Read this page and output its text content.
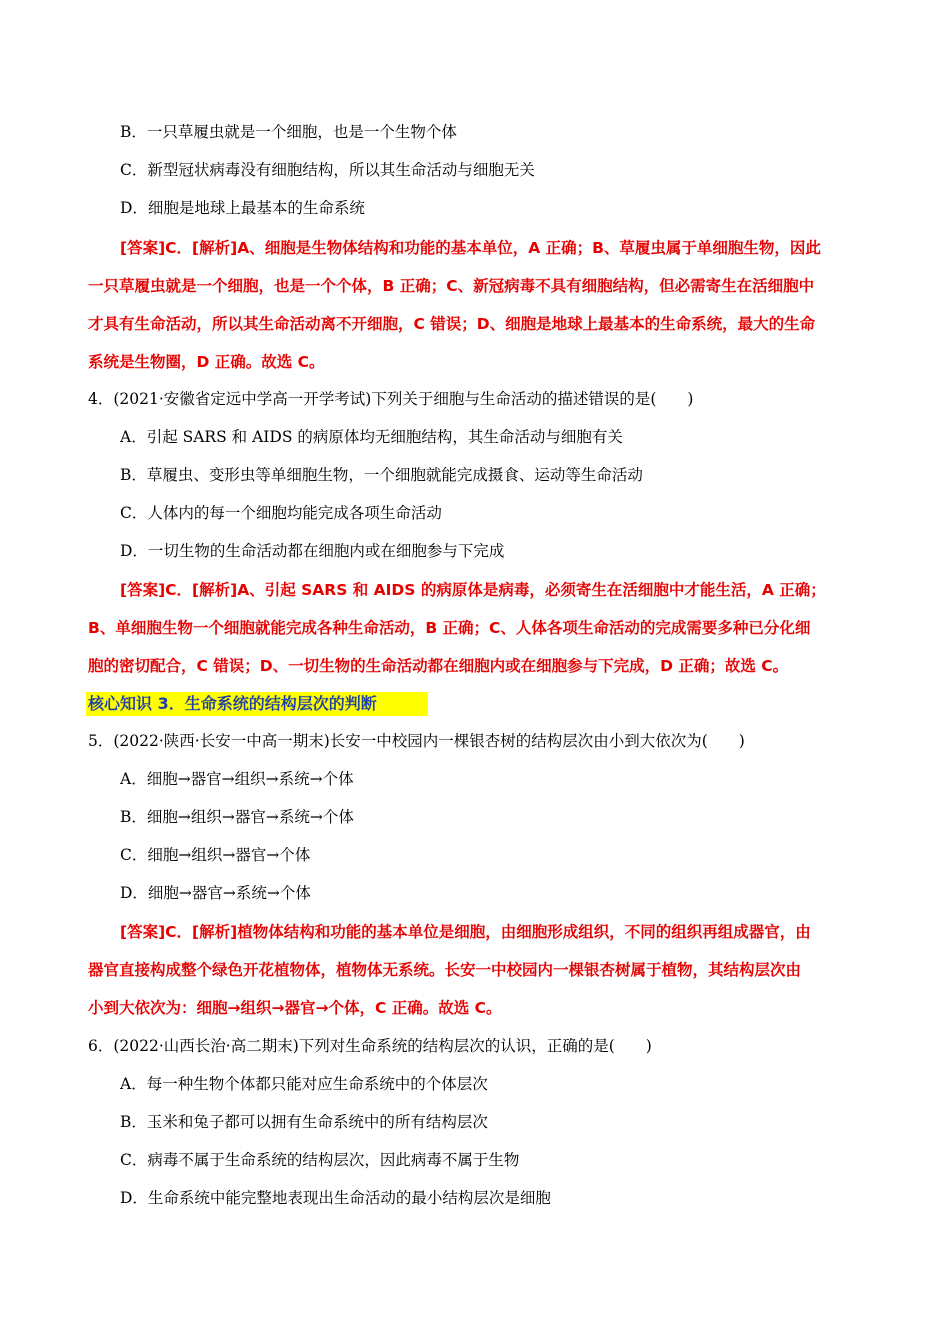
B．一只草履虫就是一个细胞，也是一个生物个体
C．新型冠状病毒没有细胞结构，所以其生命活动与细胞无关
D．细胞是地球上最基本的生命系统
[答案]C．[解析]A、细胞是生物体结构和功能的基本单位，A 正确；B、草履虫属于单细胞生物，因此
一只草履虫就是一个细胞，也是一个个体，B 正确；C、新冠病毒不具有细胞结构，但必需寄生在活细胞中
才具有生命活动，所以其生命活动离不开细胞，C 错误；D、细胞是地球上最基本的生命系统，最大的生命
系统是生物圈，D 正确。故选 C。
4．(2021·安徽省定远中学高一开学考试)下列关于细胞与生命活动的描述错误的是(　　)
A．引起 SARS 和 AIDS 的病原体均无细胞结构，其生命活动与细胞有关
B．草履虫、变形虫等单细胞生物，一个细胞就能完成摄食、运动等生命活动
C．人体内的每一个细胞均能完成各项生命活动
D．一切生物的生命活动都在细胞内或在细胞参与下完成
[答案]C．[解析]A、引起 SARS 和 AIDS 的病原体是病毒，必须寄生在活细胞中才能生活，A 正确；
B、单细胞生物一个细胞就能完成各种生命活动，B 正确；C、人体各项生命活动的完成需要多种已分化细
胞的密切配合，C 错误；D、一切生物的生命活动都在细胞内或在细胞参与下完成，D 正确；故选 C。
核心知识 3．生命系统的结构层次的判断
5．(2022·陕西·长安一中高一期末)长安一中校园内一棵银杏树的结构层次由小到大依次为(　　)
A．细胞→器官→组织→系统→个体
B．细胞→组织→器官→系统→个体
C．细胞→组织→器官→个体
D．细胞→器官→系统→个体
[答案]C．[解析]植物体结构和功能的基本单位是细胞，由细胞形成组织，不同的组织再组成器官，由
器官直接构成整个绿色开花植物体，植物体无系统。长安一中校园内一棵银杏树属于植物，其结构层次由
小到大依次为：细胞→组织→器官→个体，C 正确。故选 C。
6．(2022·山西长治·高二期末)下列对生命系统的结构层次的认识，正确的是(　　)
A．每一种生物个体都只能对应生命系统中的个体层次
B．玉米和兔子都可以拥有生命系统中的所有结构层次
C．病毒不属于生命系统的结构层次，因此病毒不属于生物
D．生命系统中能完整地表现出生命活动的最小结构层次是细胞
